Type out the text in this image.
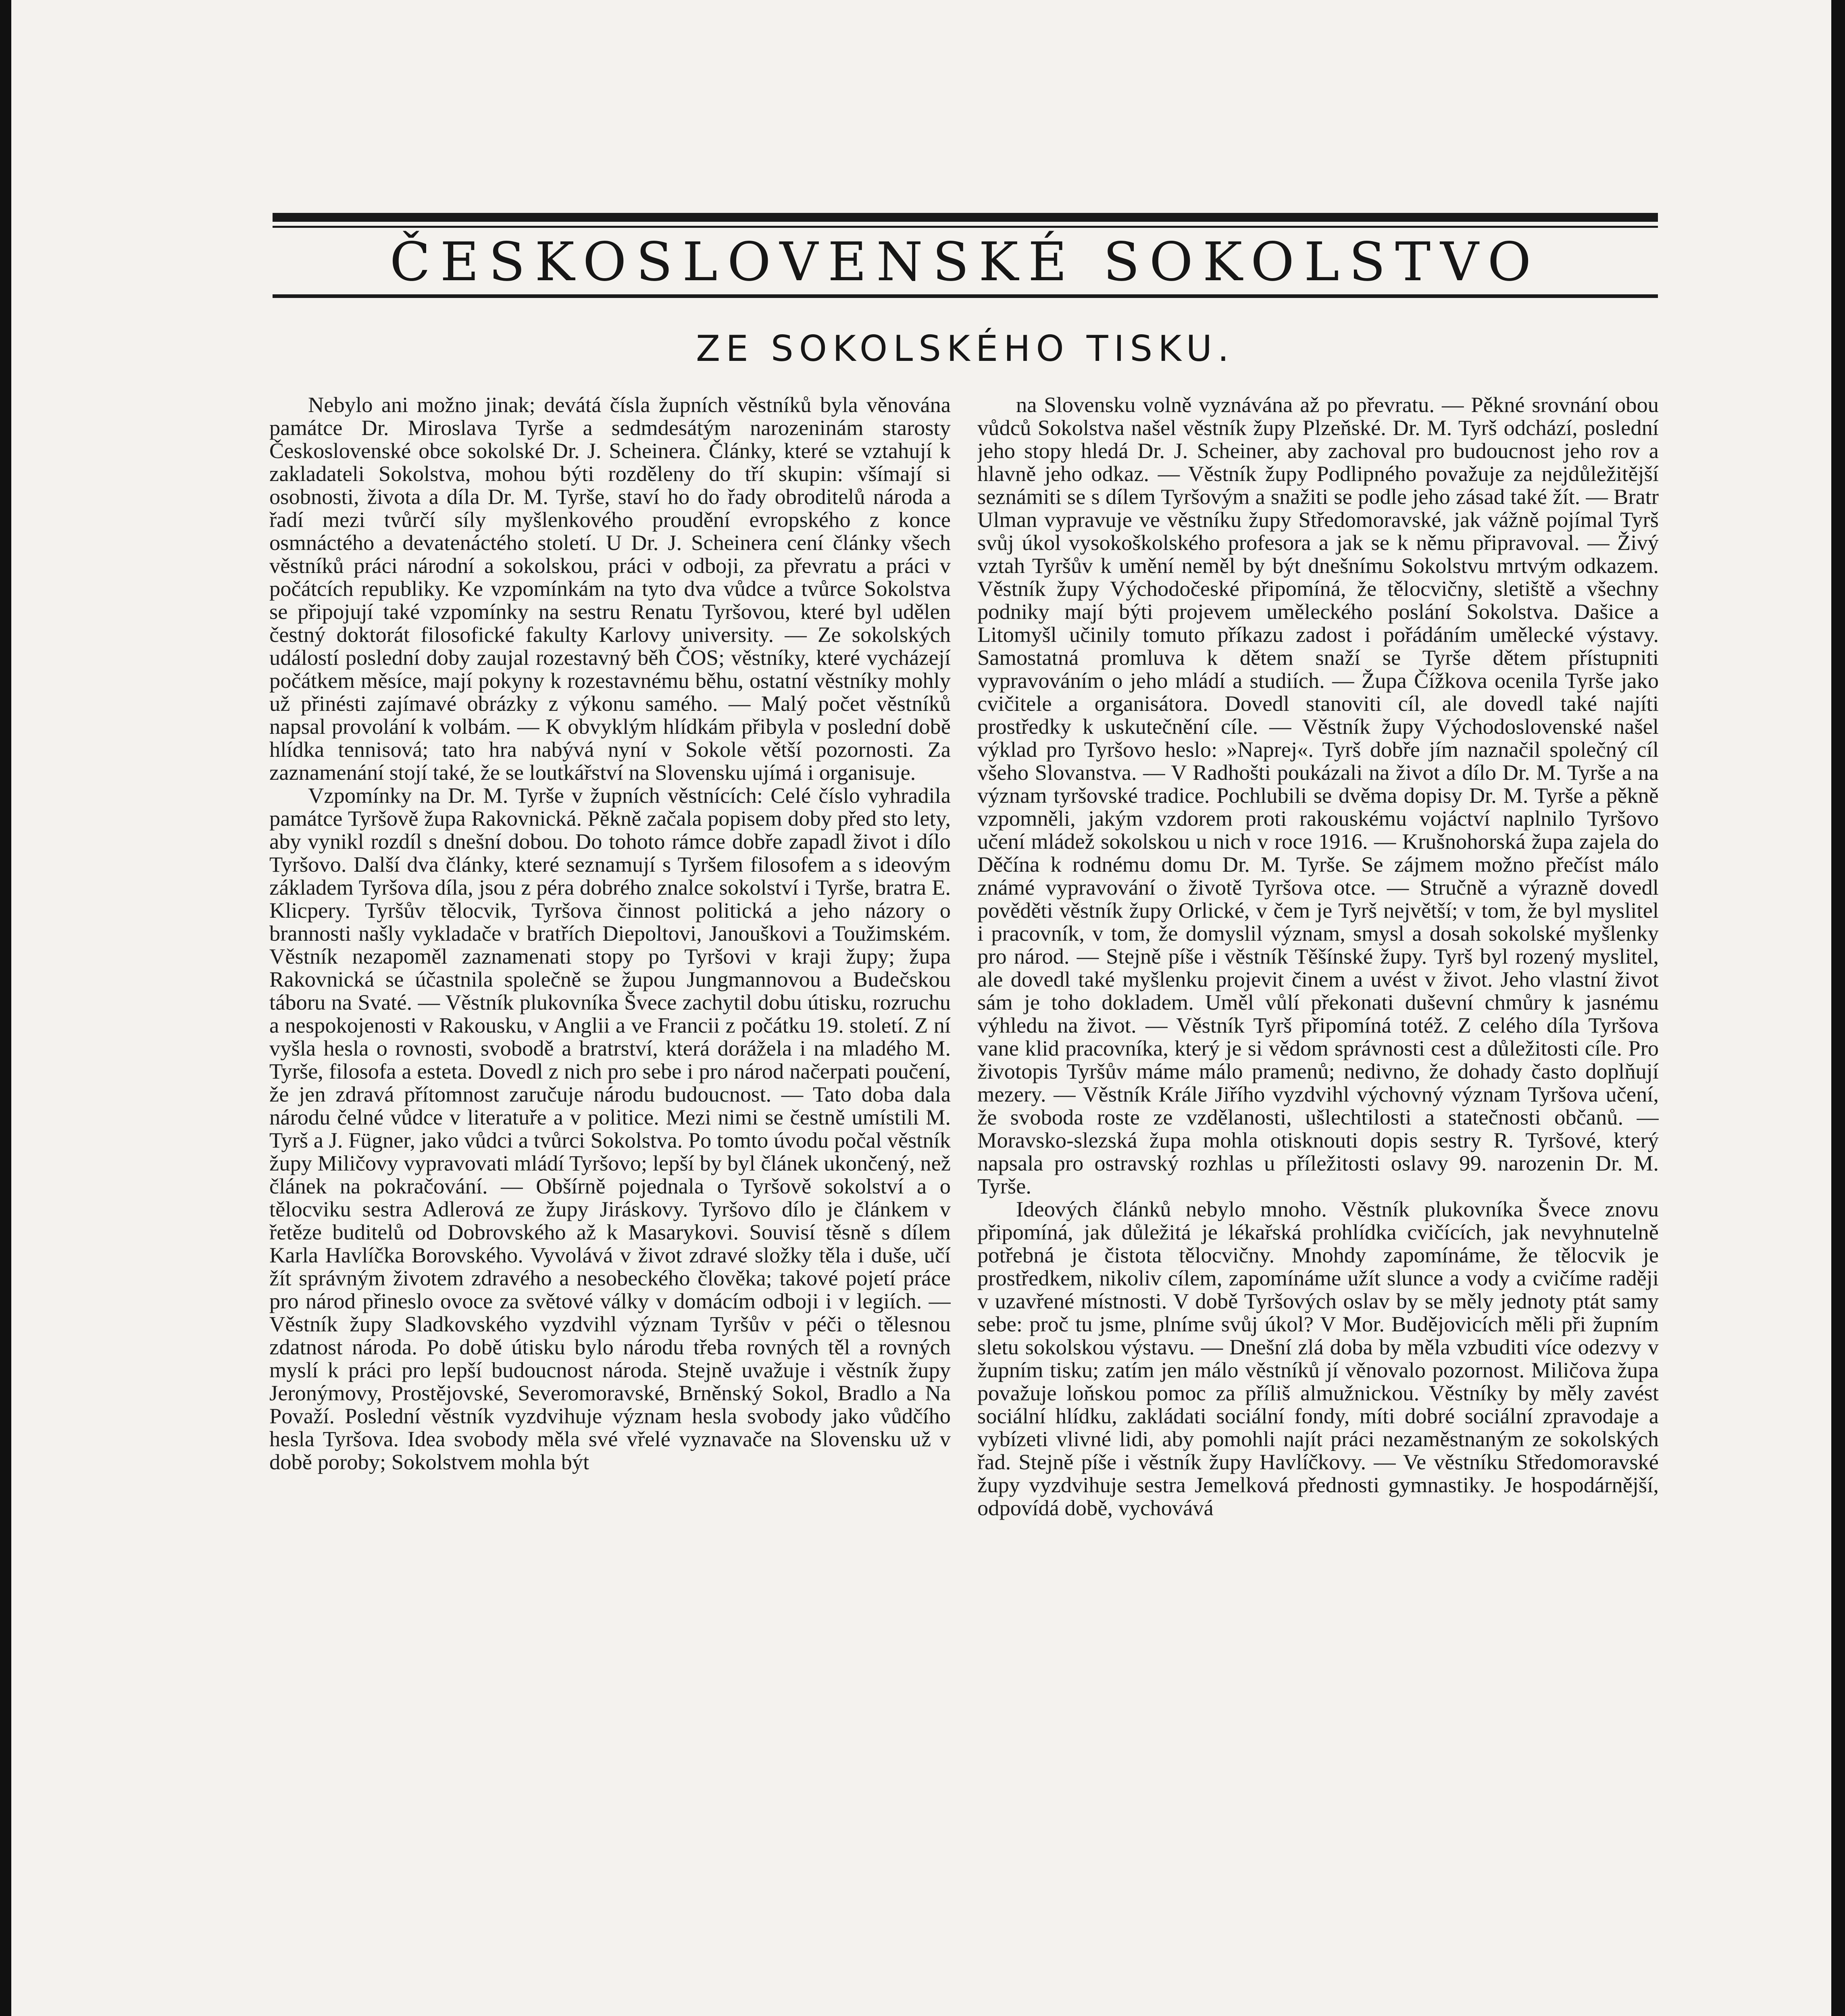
ČESKOSLOVENSKÉ SOKOLSTVO
ZE SOKOLSKÉHO TISKU.

Nebylo ani možno jinak; devátá čísla župních věstníků byla věnována památce Dr. Miroslava Tyrše a sedmdesátým narozeninám starosty Československé obce sokolské Dr. J. Scheinera. Články, které se vztahují k zakladateli Sokolstva, mohou býti rozděleny do tří skupin: všímají si osobnosti, života a díla Dr. M. Tyrše, staví ho do řady obroditelů národa a řadí mezi tvůrčí síly myšlenkového proudění evropského z konce osmnáctého a devatenáctého století. U Dr. J. Scheinera cení články všech věstníků práci národní a sokolskou, práci v odboji, za převratu a práci v počátcích republiky. Ke vzpomínkám na tyto dva vůdce a tvůrce Sokolstva se připojují také vzpomínky na sestru Renatu Tyršovou, které byl udělen čestný doktorát filosofické fakulty Karlovy university. — Ze sokolských událostí poslední doby zaujal rozestavný běh ČOS; věstníky, které vycházejí počátkem měsíce, mají pokyny k rozestavnému běhu, ostatní věstníky mohly už přinésti zajímavé obrázky z výkonu samého. — Malý počet věstníků napsal provolání k volbám. — K obvyklým hlídkám přibyla v poslední době hlídka tennisová; tato hra nabývá nyní v Sokole větší pozornosti. Za zaznamenání stojí také, že se loutkářství na Slovensku ujímá i organisuje.

Vzpomínky na Dr. M. Tyrše v župních věstnících: Celé číslo vyhradila památce Tyršově župa Rakovnická. Pěkně začala popisem doby před sto lety, aby vynikl rozdíl s dnešní dobou. Do tohoto rámce dobře zapadl život i dílo Tyršovo. Další dva články, které seznamují s Tyršem filosofem a s ideovým základem Tyršova díla, jsou z péra dobrého znalce sokolství i Tyrše, bratra E. Klicpery. Tyršův tělocvik, Tyršova činnost politická a jeho názory o brannosti našly vykladače v bratřích Diepoltovi, Janouškovi a Toužimském. Věstník nezapoměl zaznamenati stopy po Tyršovi v kraji župy; župa Rakovnická se účastnila společně se župou Jungmannovou a Budečskou táboru na Svaté. — Věstník plukovníka Švece zachytil dobu útisku, rozruchu a nespokojenosti v Rakousku, v Anglii a ve Francii z počátku 19. století. Z ní vyšla hesla o rovnosti, svobodě a bratrství, která dorážela i na mladého M. Tyrše, filosofa a esteta. Dovedl z nich pro sebe i pro národ načerpati poučení, že jen zdravá přítomnost zaručuje národu budoucnost. — Tato doba dala národu čelné vůdce v literatuře a v politice. Mezi nimi se čestně umístili M. Tyrš a J. Fügner, jako vůdci a tvůrci Sokolstva. Po tomto úvodu počal věstník župy Miličovy vypravovati mládí Tyršovo; lepší by byl článek ukončený, než článek na pokračování. — Obšírně pojednala o Tyršově sokolství a o tělocviku sestra Adlerová ze župy Jiráskovy. Tyršovo dílo je článkem v řetěze buditelů od Dobrovského až k Masarykovi. Souvisí těsně s dílem Karla Havlíčka Borovského. Vyvolává v život zdravé složky těla i duše, učí žít správným životem zdravého a nesobeckého člověka; takové pojetí práce pro národ přineslo ovoce za světové války v domácím odboji i v legiích. — Věstník župy Sladkovského vyzdvihl význam Tyršův v péči o tělesnou zdatnost národa. Po době útisku bylo národu třeba rovných těl a rovných myslí k práci pro lepší budoucnost národa. Stejně uvažuje i věstník župy Jeronýmovy, Prostějovské, Severomoravské, Brněnský Sokol, Bradlo a Na Považí. Poslední věstník vyzdvihuje význam hesla svobody jako vůdčího hesla Tyršova. Idea svobody měla své vřelé vyznavače na Slovensku už v době poroby; Sokolstvem mohla být

na Slovensku volně vyznávána až po převratu. — Pěkné srovnání obou vůdců Sokolstva našel věstník župy Plzeňské. Dr. M. Tyrš odchází, poslední jeho stopy hledá Dr. J. Scheiner, aby zachoval pro budoucnost jeho rov a hlavně jeho odkaz. — Věstník župy Podlipného považuje za nejdůležitější seznámiti se s dílem Tyršovým a snažiti se podle jeho zásad také žít. — Bratr Ulman vypravuje ve věstníku župy Středomoravské, jak vážně pojímal Tyrš svůj úkol vysokoškolského profesora a jak se k němu připravoval. — Živý vztah Tyršův k umění neměl by být dnešnímu Sokolstvu mrtvým odkazem. Věstník župy Východočeské připomíná, že tělocvičny, sletiště a všechny podniky mají býti projevem uměleckého poslání Sokolstva. Dašice a Litomyšl učinily tomuto příkazu zadost i pořádáním umělecké výstavy. Samostatná promluva k dětem snaží se Tyrše dětem přístupniti vypravováním o jeho mládí a studiích. — Župa Čížkova ocenila Tyrše jako cvičitele a organisátora. Dovedl stanoviti cíl, ale dovedl také najíti prostředky k uskutečnění cíle. — Věstník župy Východoslovenské našel výklad pro Tyršovo heslo: »Naprej«. Tyrš dobře jím naznačil společný cíl všeho Slovanstva. — V Radhošti poukázali na život a dílo Dr. M. Tyrše a na význam tyršovské tradice. Pochlubili se dvěma dopisy Dr. M. Tyrše a pěkně vzpomněli, jakým vzdorem proti rakouskému vojáctví naplnilo Tyršovo učení mládež sokolskou u nich v roce 1916. — Krušnohorská župa zajela do Děčína k rodnému domu Dr. M. Tyrše. Se zájmem možno přečíst málo známé vypravování o životě Tyršova otce. — Stručně a výrazně dovedl pověděti věstník župy Orlické, v čem je Tyrš největší; v tom, že byl myslitel i pracovník, v tom, že domyslil význam, smysl a dosah sokolské myšlenky pro národ. — Stejně píše i věstník Těšínské župy. Tyrš byl rozený myslitel, ale dovedl také myšlenku projevit činem a uvést v život. Jeho vlastní život sám je toho dokladem. Uměl vůlí překonati duševní chmůry k jasnému výhledu na život. — Věstník Tyrš připomíná totéž. Z celého díla Tyršova vane klid pracovníka, který je si vědom správnosti cest a důležitosti cíle. Pro životopis Tyršův máme málo pramenů; nedivno, že dohady často doplňují mezery. — Věstník Krále Jiřího vyzdvihl výchovný význam Tyršova učení, že svoboda roste ze vzdělanosti, ušlechtilosti a statečnosti občanů. — Moravsko-slezská župa mohla otisknouti dopis sestry R. Tyršové, který napsala pro ostravský rozhlas u příležitosti oslavy 99. narozenin Dr. M. Tyrše.

Ideových článků nebylo mnoho. Věstník plukovníka Švece znovu připomíná, jak důležitá je lékařská prohlídka cvičících, jak nevyhnutelně potřebná je čistota tělocvičny. Mnohdy zapomínáme, že tělocvik je prostředkem, nikoliv cílem, zapomínáme užít slunce a vody a cvičíme raději v uzavřené místnosti. V době Tyršových oslav by se měly jednoty ptát samy sebe: proč tu jsme, plníme svůj úkol? V Mor. Budějovicích měli při župním sletu sokolskou výstavu. — Dnešní zlá doba by měla vzbuditi více odezvy v župním tisku; zatím jen málo věstníků jí věnovalo pozornost. Miličova župa považuje loňskou pomoc za příliš almužnickou. Věstníky by měly zavést sociální hlídku, zakládati sociální fondy, míti dobré sociální zpravodaje a vybízeti vlivné lidi, aby pomohli najít práci nezaměstnaným ze sokolských řad. Stejně píše i věstník župy Havlíčkovy. — Ve věstníku Středomoravské župy vyzdvihuje sestra Jemelková přednosti gymnastiky. Je hospodárnější, odpovídá době, vychovává
